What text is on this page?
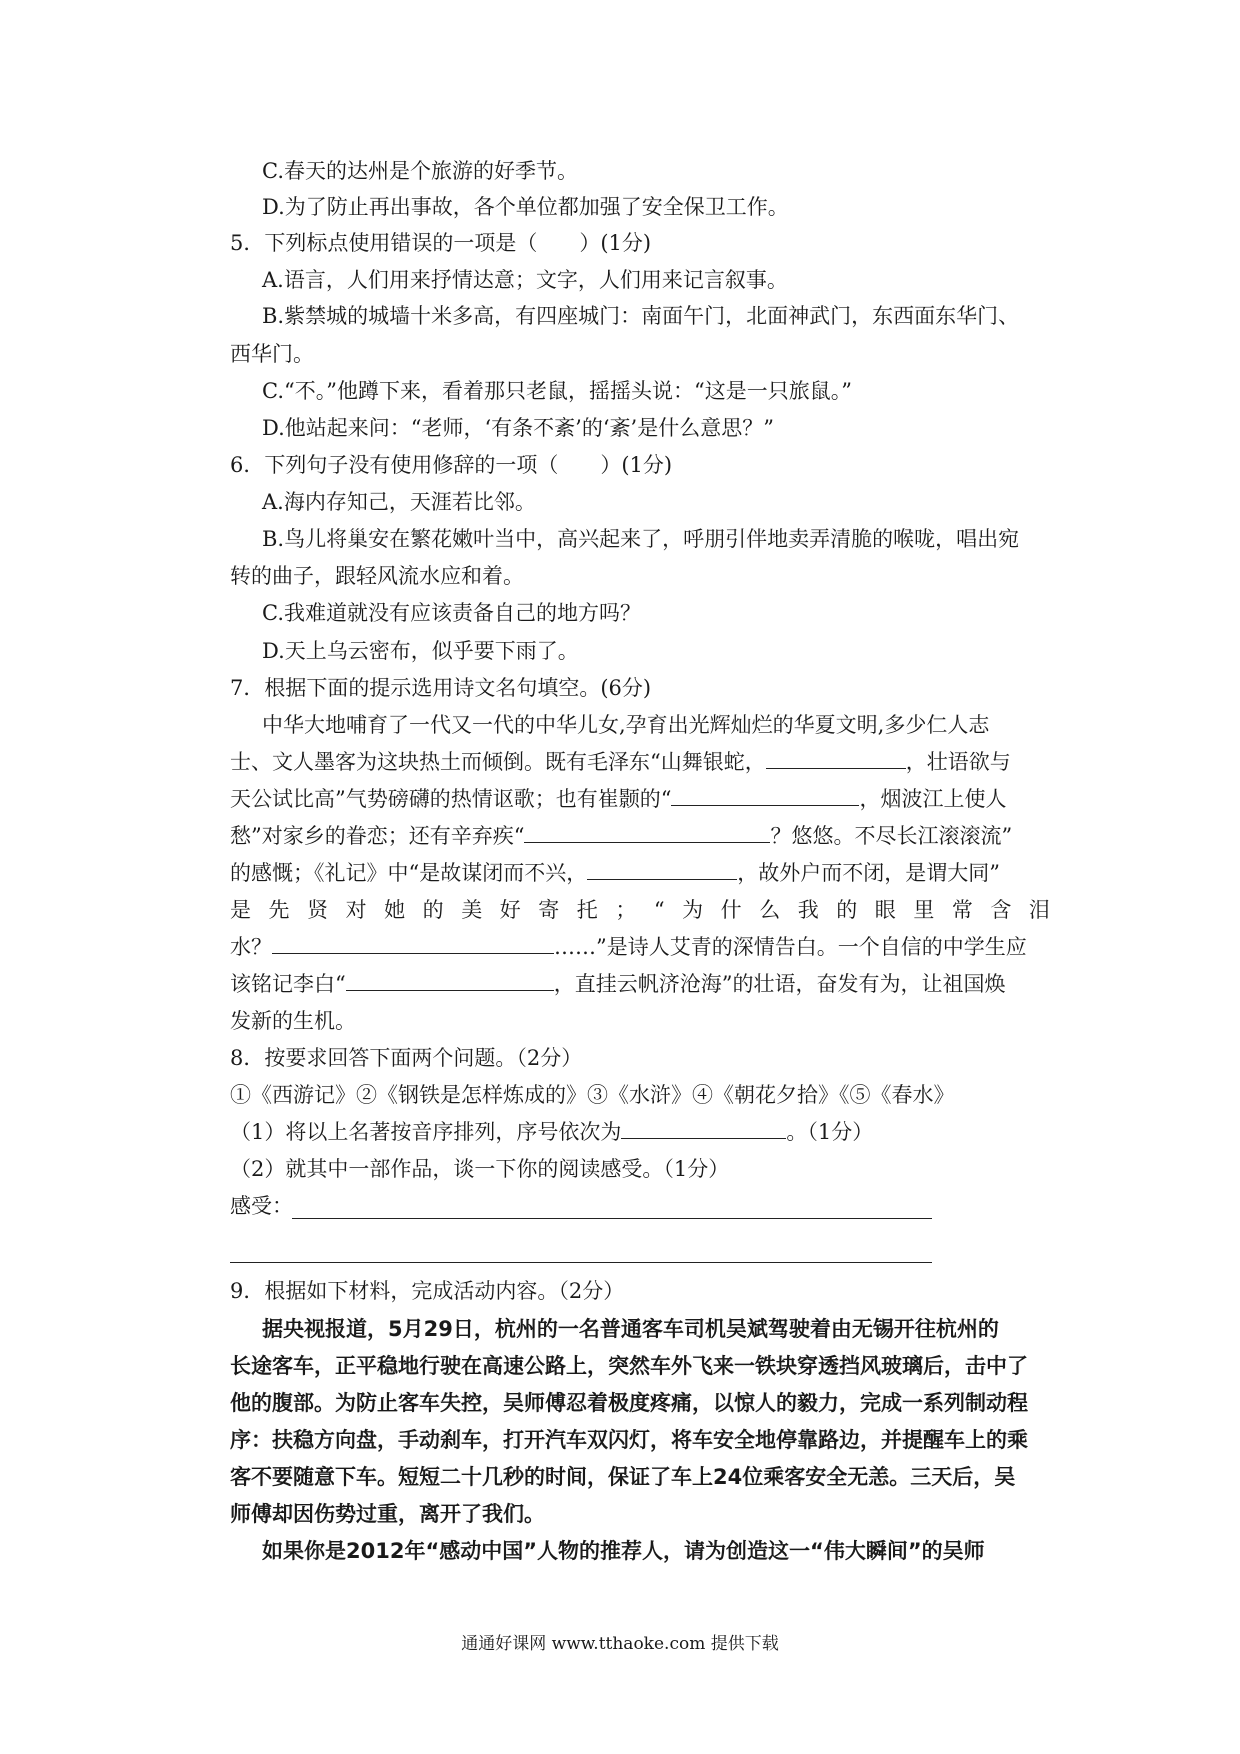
C.春天的达州是个旅游的好季节。
D.为了防止再出事故，各个单位都加强了安全保卫工作。
5．下列标点使用错误的一项是（　　）(1分)
A.语言，人们用来抒情达意；文字，人们用来记言叙事。
B.紫禁城的城墙十米多高，有四座城门：南面午门，北面神武门，东西面东华门、
西华门。
C.“不。”他蹲下来，看着那只老鼠，摇摇头说：“这是一只旅鼠。”
D.他站起来问：“老师，‘有条不紊’的‘紊’是什么意思？”
6．下列句子没有使用修辞的一项（　　）(1分)
A.海内存知己，天涯若比邻。
B.鸟儿将巢安在繁花嫩叶当中，高兴起来了，呼朋引伴地卖弄清脆的喉咙，唱出宛
转的曲子，跟轻风流水应和着。
C.我难道就没有应该责备自己的地方吗？
D.天上乌云密布，似乎要下雨了。
7．根据下面的提示选用诗文名句填空。(6分)
中华大地哺育了一代又一代的中华儿女,孕育出光辉灿烂的华夏文明,多少仁人志
士、文人墨客为这块热土而倾倒。既有毛泽东“山舞银蛇，	，壮语欲与
天公试比高”气势磅礴的热情讴歌；也有崔颢的“	，烟波江上使人
愁”对家乡的眷恋；还有辛弃疾“	？悠悠。不尽长江滚滚流”
的感慨；《礼记》中“是故谋闭而不兴，	，故外户而不闭，是谓大同”
是 先 贤 对 她 的 美 好 寄 托 ； “ 为 什 么 我 的 眼 里 常 含 泪
水？	……”是诗人艾青的深情告白。一个自信的中学生应
该铭记李白“	，直挂云帆济沧海”的壮语，奋发有为，让祖国焕
发新的生机。
8．按要求回答下面两个问题。（2分）
①《西游记》②《钢铁是怎样炼成的》③《水浒》④《朝花夕拾》《⑤《春水》
（1）将以上名著按音序排列，序号依次为	。（1分）
（2）就其中一部作品，谈一下你的阅读感受。（1分）
感受：
9．根据如下材料，完成活动内容。（2分）
据央视报道，5月29日，杭州的一名普通客车司机吴斌驾驶着由无锡开往杭州的
长途客车，正平稳地行驶在高速公路上，突然车外飞来一铁块穿透挡风玻璃后，击中了
他的腹部。为防止客车失控，吴师傅忍着极度疼痛，以惊人的毅力，完成一系列制动程
序：扶稳方向盘，手动刹车，打开汽车双闪灯，将车安全地停靠路边，并提醒车上的乘
客不要随意下车。短短二十几秒的时间，保证了车上24位乘客安全无恙。三天后，吴
师傅却因伤势过重，离开了我们。
如果你是2012年“感动中国”人物的推荐人，请为创造这一“伟大瞬间”的吴师
通通好课网 www.tthaoke.com 提供下载
